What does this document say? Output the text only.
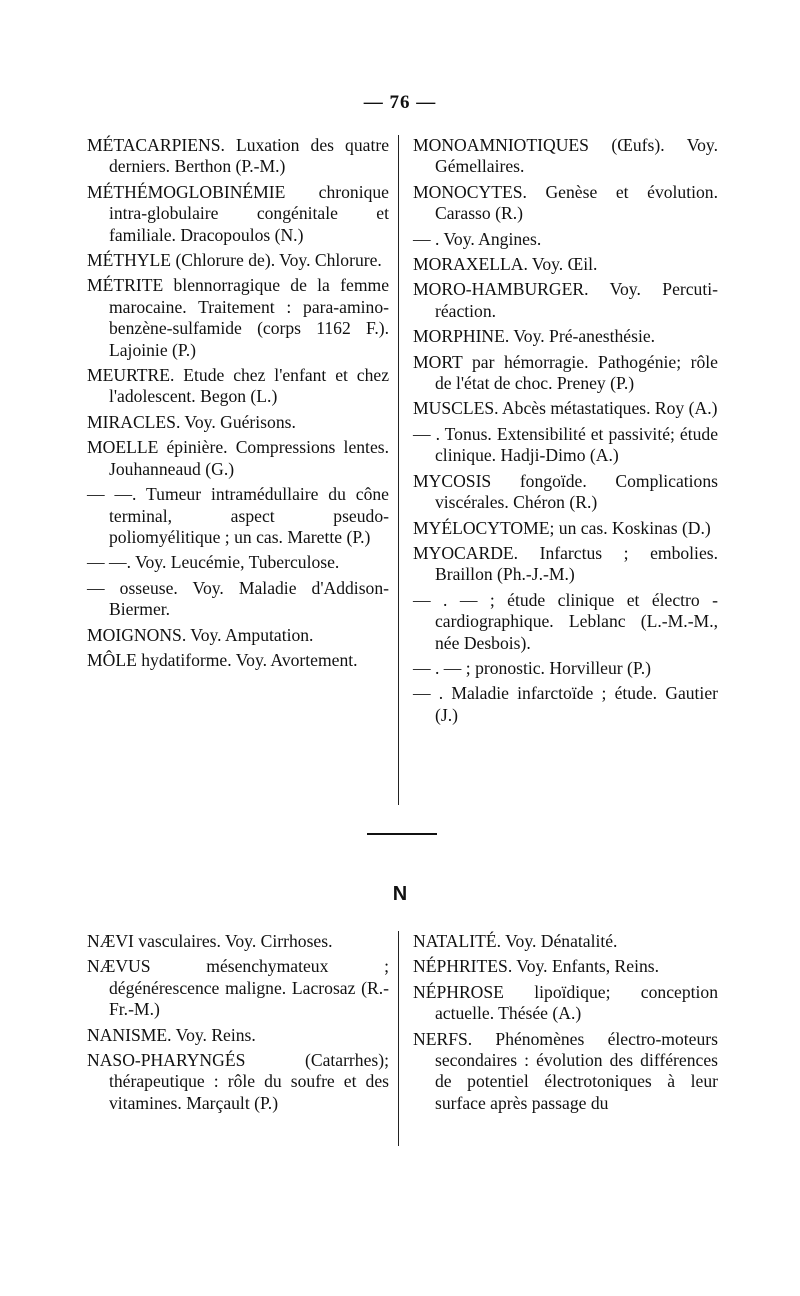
— 76 —

MÉTACARPIENS. Luxation des quatre derniers. Berthon (P.-M.)

MÉTHÉMOGLOBINÉMIE chronique intra-globulaire congénitale et familiale. Dracopoulos (N.)

MÉTHYLE (Chlorure de). Voy. Chlorure.

MÉTRITE blennorragique de la femme marocaine. Traitement : para-amino-benzène-sulfamide (corps 1162 F.). Lajoinie (P.)

MEURTRE. Etude chez l'enfant et chez l'adolescent. Begon (L.)

MIRACLES. Voy. Guérisons.

MOELLE épinière. Compressions lentes. Jouhanneaud (G.)

— —. Tumeur intramédullaire du cône terminal, aspect pseudo-poliomyélitique ; un cas. Marette (P.)

— —. Voy. Leucémie, Tuberculose.

— osseuse. Voy. Maladie d'Addison-Biermer.

MOIGNONS. Voy. Amputation.

MÔLE hydatiforme. Voy. Avortement.

MONOAMNIOTIQUES (Œufs). Voy. Gémellaires.

MONOCYTES. Genèse et évolution. Carasso (R.)

— . Voy. Angines.

MORAXELLA. Voy. Œil.

MORO-HAMBURGER. Voy. Percuti-réaction.

MORPHINE. Voy. Pré-anesthésie.

MORT par hémorragie. Pathogénie; rôle de l'état de choc. Preney (P.)

MUSCLES. Abcès métastatiques. Roy (A.)

— . Tonus. Extensibilité et passivité; étude clinique. Hadji-Dimo (A.)

MYCOSIS fongoïde. Complications viscérales. Chéron (R.)

MYÉLOCYTOME; un cas. Koskinas (D.)

MYOCARDE. Infarctus ; embolies. Braillon (Ph.-J.-M.)

— . — ; étude clinique et électro - cardiographique. Leblanc (L.-M.-M., née Desbois).

— . — ; pronostic. Horvilleur (P.)

— . Maladie infarctoïde ; étude. Gautier (J.)

N

NÆVI vasculaires. Voy. Cirrhoses.

NÆVUS mésenchymateux ; dégénérescence maligne. Lacrosaz (R.-Fr.-M.)

NANISME. Voy. Reins.

NASO-PHARYNGÉS (Catarrhes); thérapeutique : rôle du soufre et des vitamines. Marçault (P.)

NATALITÉ. Voy. Dénatalité.

NÉPHRITES. Voy. Enfants, Reins.

NÉPHROSE lipoïdique; conception actuelle. Thésée (A.)

NERFS. Phénomènes électro-moteurs secondaires : évolution des différences de potentiel électrotoniques à leur surface après passage du
